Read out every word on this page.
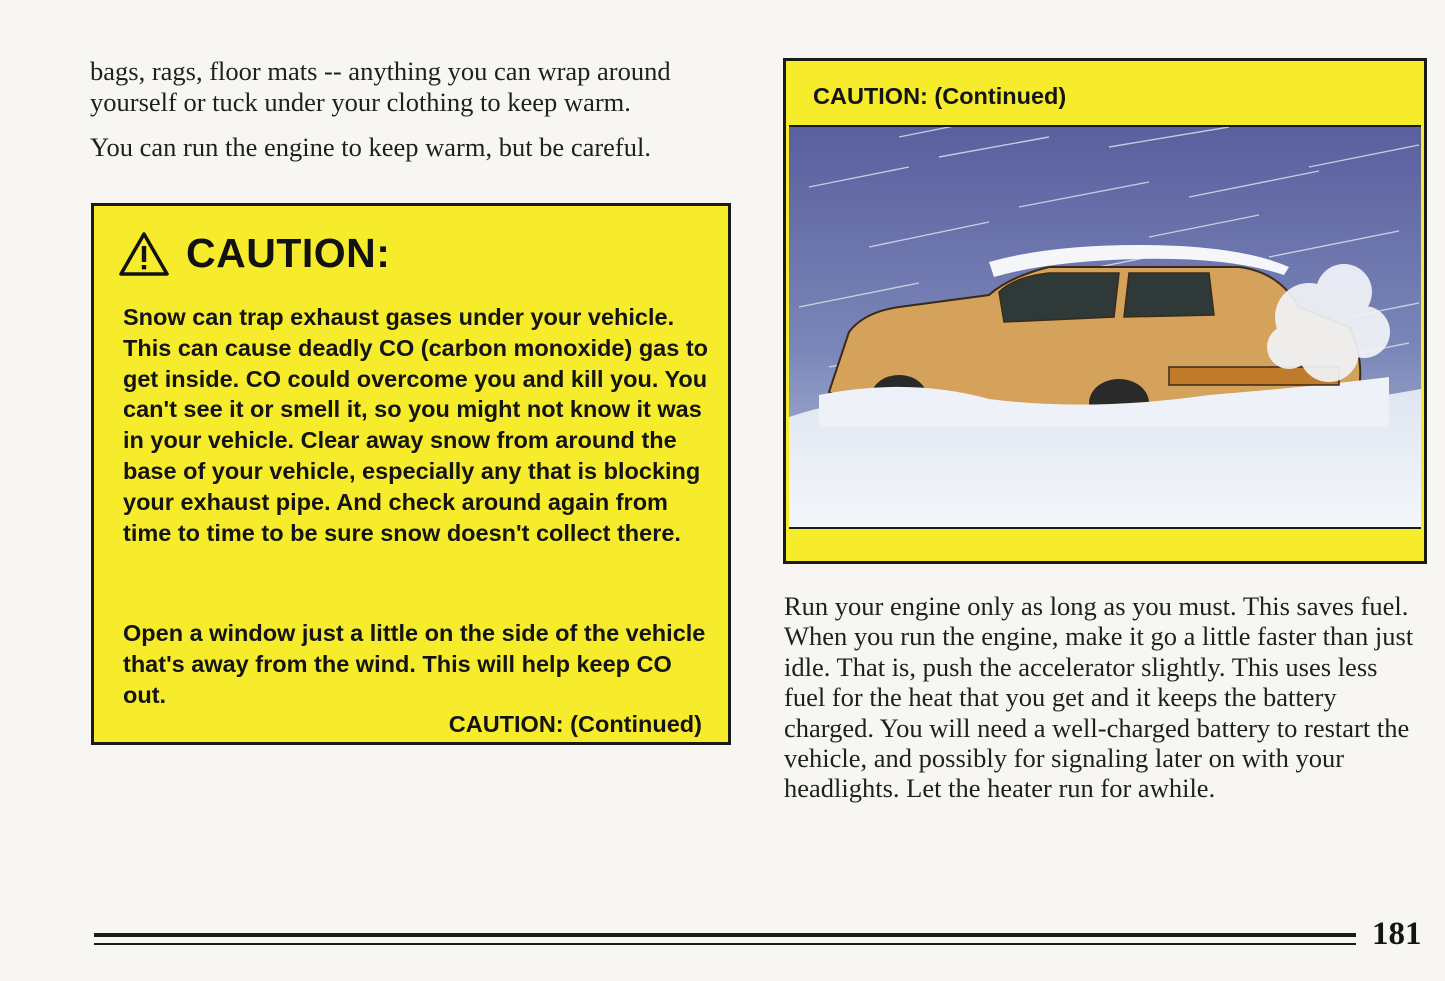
bags, rags, floor mats -- anything you can wrap around yourself or tuck under your clothing to keep warm.

You can run the engine to keep warm, but be careful.

CAUTION:

Snow can trap exhaust gases under your vehicle. This can cause deadly CO (carbon monoxide) gas to get inside. CO could overcome you and kill you. You can't see it or smell it, so you might not know it was in your vehicle. Clear away snow from around the base of your vehicle, especially any that is blocking your exhaust pipe. And check around again from time to time to be sure snow doesn't collect there.

Open a window just a little on the side of the vehicle that's away from the wind. This will help keep CO out.

CAUTION: (Continued)
CAUTION: (Continued)

Run your engine only as long as you must. This saves fuel. When you run the engine, make it go a little faster than just idle. That is, push the accelerator slightly. This uses less fuel for the heat that you get and it keeps the battery charged. You will need a well-charged battery to restart the vehicle, and possibly for signaling later on with your headlights. Let the heater run for awhile.

181
